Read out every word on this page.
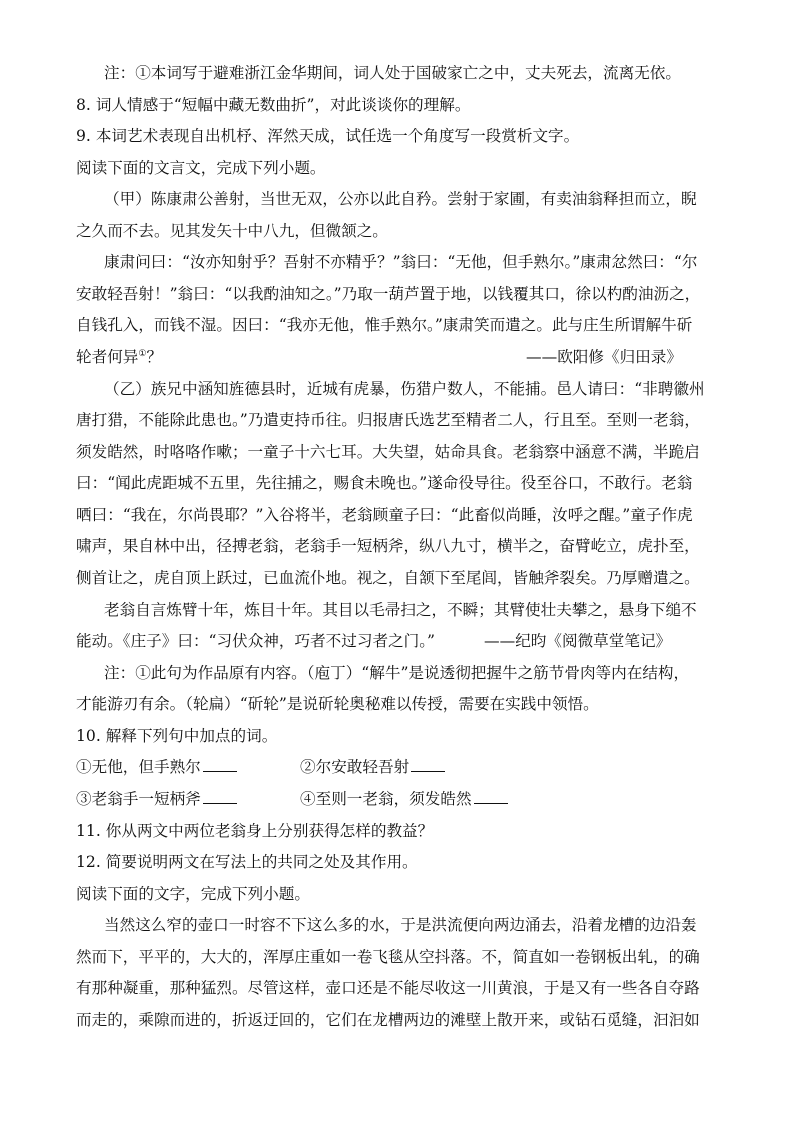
注：①本词写于避难浙江金华期间，词人处于国破家亡之中，丈夫死去，流离无依。
8. 词人情感于“短幅中藏无数曲折”，对此谈谈你的理解。
9. 本词艺术表现自出机杼、浑然天成，试任选一个角度写一段赏析文字。
阅读下面的文言文，完成下列小题。
（甲）陈康肃公善射，当世无双，公亦以此自矜。尝射于家圃，有卖油翁释担而立，睨
之久而不去。见其发矢十中八九，但微颔之。
康肃问曰：“汝亦知射乎？吾射不亦精乎？”翁曰：“无他，但手熟尔。”康肃忿然曰：“尔
安敢轻吾射！”翁曰：“以我酌油知之。”乃取一葫芦置于地，以钱覆其口，徐以杓酌油沥之，
自钱孔入，而钱不湿。因曰：“我亦无他，惟手熟尔。”康肃笑而遣之。此与庄生所谓解牛斫
轮者何异①？	——欧阳修《归田录》
（乙）族兄中涵知旌德县时，近城有虎暴，伤猎户数人，不能捕。邑人请曰：“非聘徽州
唐打猎，不能除此患也。”乃遣吏持币往。归报唐氏选艺至精者二人，行且至。至则一老翁，
须发皓然，时咯咯作嗽；一童子十六七耳。大失望，姑命具食。老翁察中涵意不满，半跪启
曰：“闻此虎距城不五里，先往捕之，赐食未晚也。”遂命役导往。役至谷口，不敢行。老翁
哂曰：“我在，尔尚畏耶？”入谷将半，老翁顾童子曰：“此畜似尚睡，汝呼之醒。”童子作虎
啸声，果自林中出，径搏老翁，老翁手一短柄斧，纵八九寸，横半之，奋臂屹立，虎扑至，
侧首让之，虎自顶上跃过，已血流仆地。视之，自颔下至尾闾，皆触斧裂矣。乃厚赠遣之。
老翁自言炼臂十年，炼目十年。其目以毛帚扫之，不瞬；其臂使壮夫攀之，悬身下缒不
能动。《庄子》曰：“习伏众神，巧者不过习者之门。”	——纪昀《阅微草堂笔记》
注：①此句为作品原有内容。（庖丁）“解牛”是说透彻把握牛之筋节骨肉等内在结构，
才能游刃有余。（轮扁）“斫轮”是说斫轮奥秘难以传授，需要在实践中领悟。
10. 解释下列句中加点的词。
①无他，但手熟尔	②尔安敢轻吾射
③老翁手一短柄斧	④至则一老翁，须发皓然
11. 你从两文中两位老翁身上分别获得怎样的教益？
12. 简要说明两文在写法上的共同之处及其作用。
阅读下面的文字，完成下列小题。
当然这么窄的壶口一时容不下这么多的水，于是洪流便向两边涌去，沿着龙槽的边沿轰
然而下，平平的，大大的，浑厚庄重如一卷飞毯从空抖落。不，简直如一卷钢板出轧，的确
有那种凝重，那种猛烈。尽管这样，壶口还是不能尽收这一川黄浪，于是又有一些各自夺路
而走的，乘隙而进的，折返迂回的，它们在龙槽两边的滩壁上散开来，或钻石觅缝，汩汩如
